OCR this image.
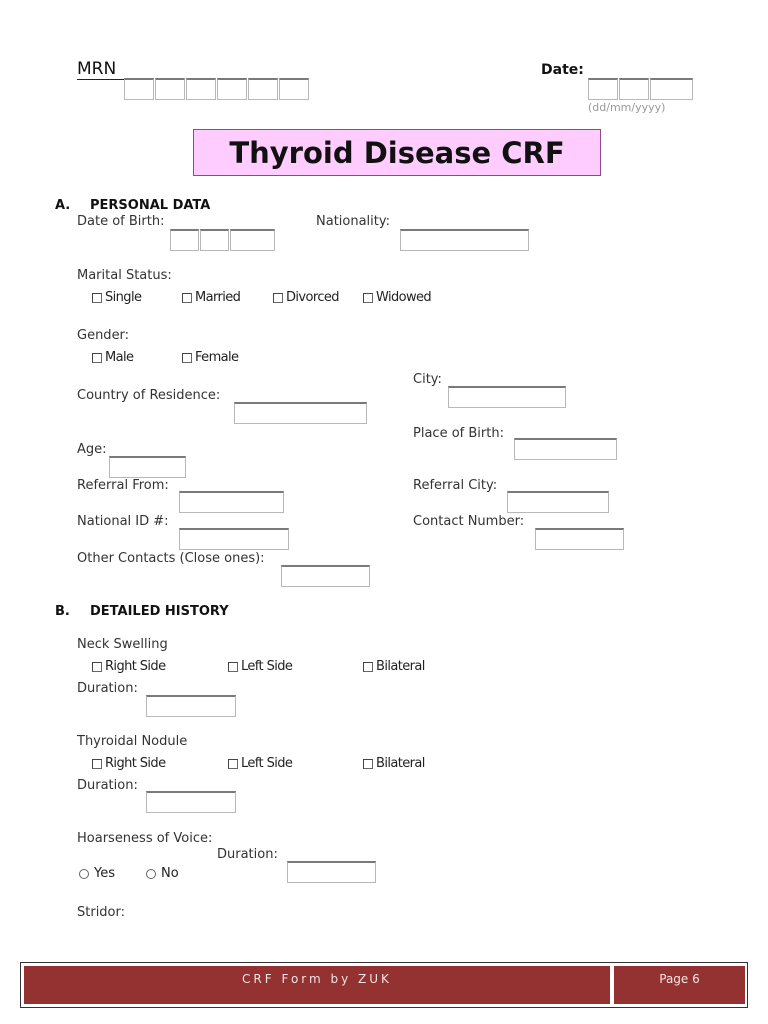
MRN	Date:
(dd/mm/yyyy)
Thyroid Disease CRF
A. PERSONAL DATA
Date of Birth:	Nationality:
Marital Status:
Single	Married	Divorced	Widowed
Gender:
Male	Female
City:
Country of Residence:
Place of Birth:
Age:
Referral From:	Referral City:
National ID #:	Contact Number:
Other Contacts (Close ones):
B. DETAILED HISTORY
Neck Swelling
Right Side	Left Side	Bilateral
Duration:
Thyroidal Nodule
Right Side	Left Side	Bilateral
Duration:
Hoarseness of Voice:
Duration:
Yes	No
Stridor:
CRF Form by ZUK	Page 6
